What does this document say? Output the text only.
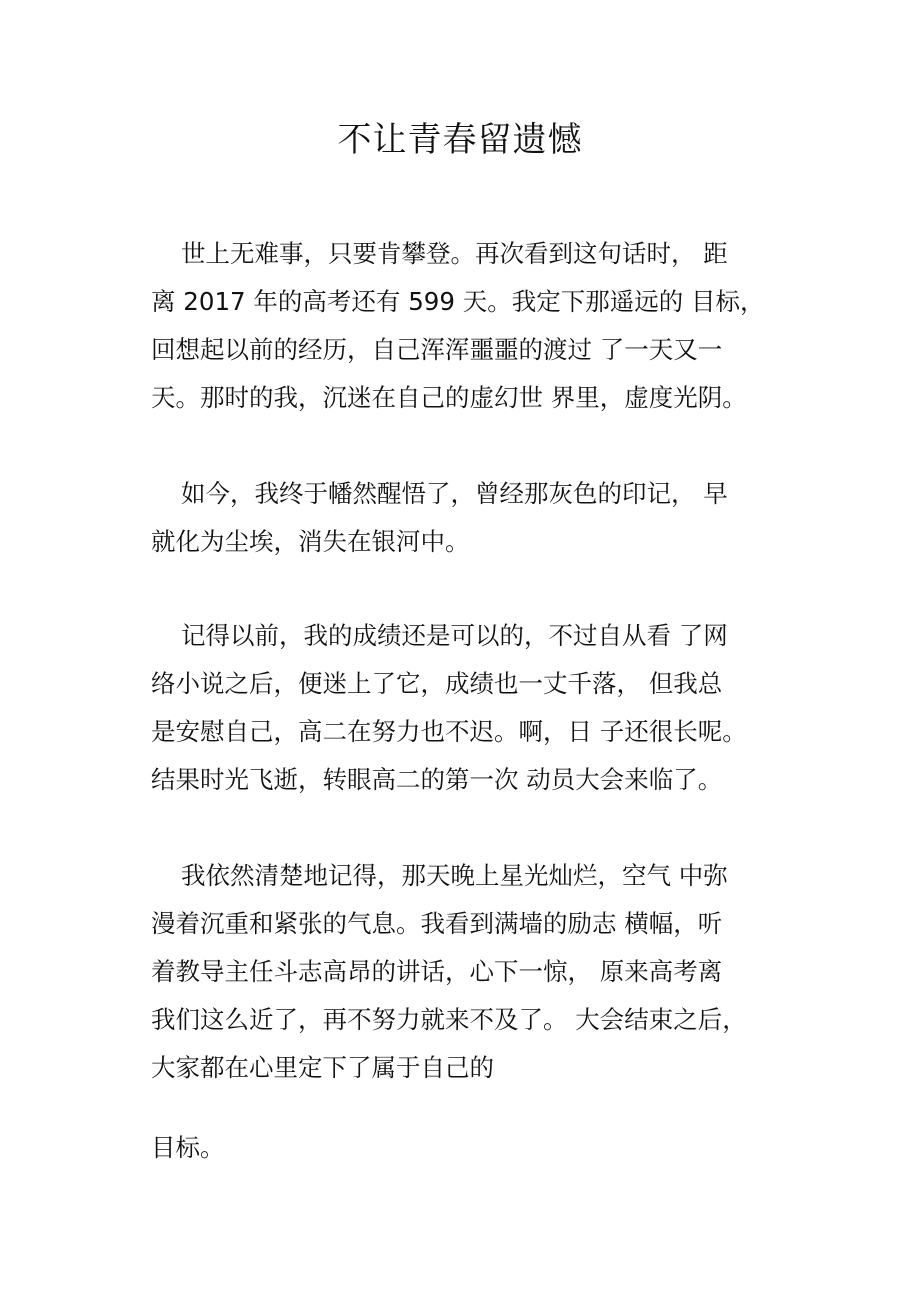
不让青春留遗憾
世上无难事，只要肯攀登。再次看到这句话时， 距
离 2017 年的高考还有 599 天。我定下那遥远的 目标，
回想起以前的经历，自己浑浑噩噩的渡过 了一天又一
天。那时的我，沉迷在自己的虚幻世 界里，虚度光阴。
如今，我终于幡然醒悟了，曾经那灰色的印记， 早
就化为尘埃，消失在银河中。
记得以前，我的成绩还是可以的，不过自从看 了网
络小说之后，便迷上了它，成绩也一丈千落， 但我总
是安慰自己，高二在努力也不迟。啊，日 子还很长呢。
结果时光飞逝，转眼高二的第一次 动员大会来临了。
我依然清楚地记得，那天晚上星光灿烂，空气 中弥
漫着沉重和紧张的气息。我看到满墙的励志 横幅，听
着教导主任斗志高昂的讲话，心下一惊， 原来高考离
我们这么近了，再不努力就来不及了。 大会结束之后，
大家都在心里定下了属于自己的
目标。
